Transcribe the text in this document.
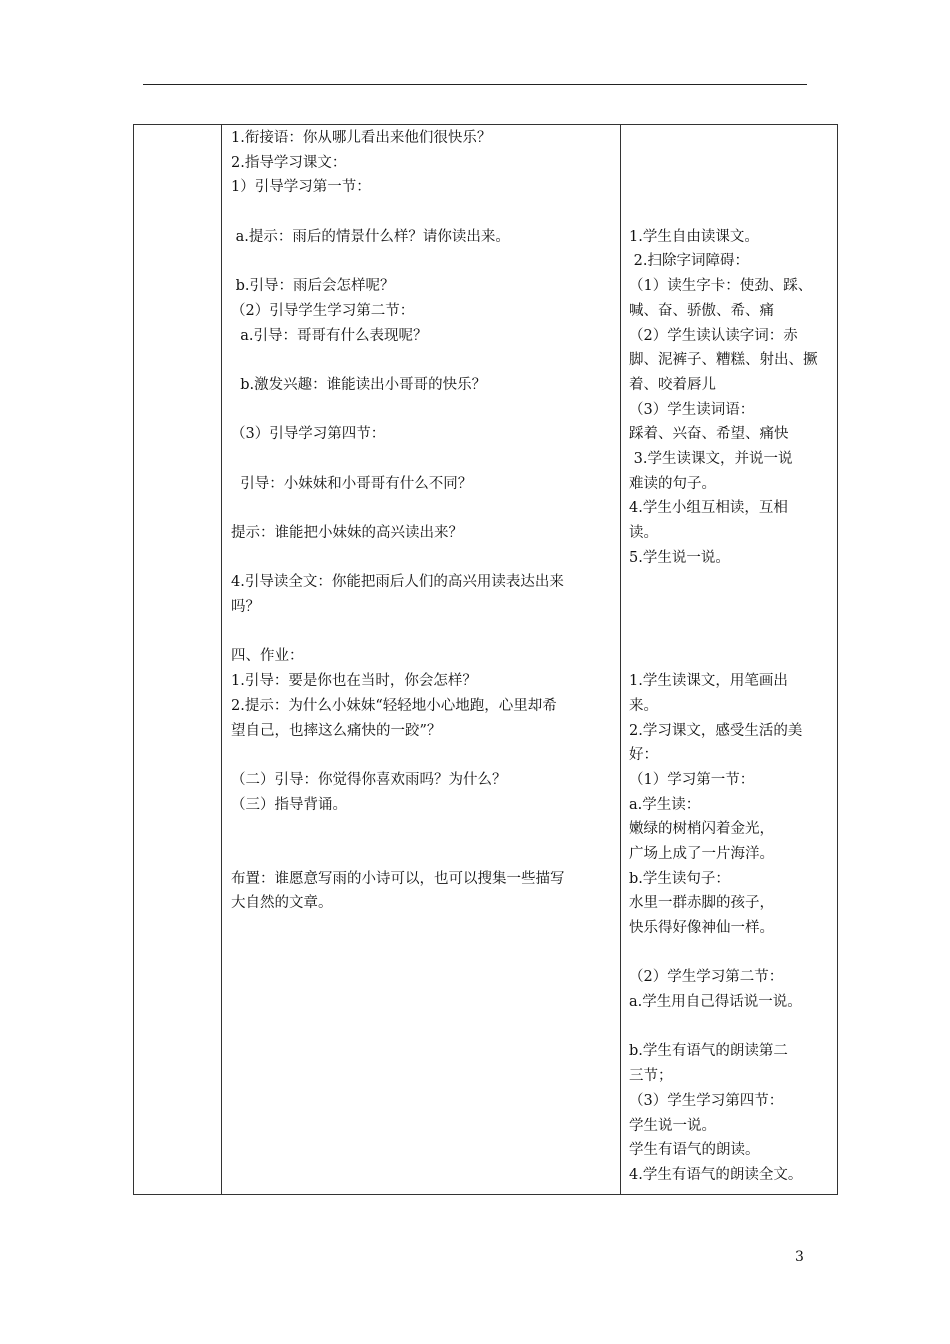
1.衔接语：你从哪儿看出来他们很快乐？
2.指导学习课文：
1）引导学习第一节：
a.提示：雨后的情景什么样？请你读出来。
b.引导：雨后会怎样呢？
（2）引导学生学习第二节：
a.引导：哥哥有什么表现呢？
b.激发兴趣：谁能读出小哥哥的快乐？
（3）引导学习第四节：
引导：小妹妹和小哥哥有什么不同？
提示：谁能把小妹妹的高兴读出来？
4.引导读全文：你能把雨后人们的高兴用读表达出来
吗？
四、作业：
1.引导：要是你也在当时，你会怎样？
2.提示：为什么小妹妹“轻轻地小心地跑，心里却希
望自己，也摔这么痛快的一跤”？
（二）引导：你觉得你喜欢雨吗？为什么？
（三）指导背诵。
布置：谁愿意写雨的小诗可以，也可以搜集一些描写
大自然的文章。

1.学生自由读课文。
2.扫除字词障碍：
（1）读生字卡：使劲、踩、
喊、奋、骄傲、希、痛
（2）学生读认读字词：赤
脚、泥裤子、糟糕、射出、撅
着、咬着唇儿
（3）学生读词语：
踩着、兴奋、希望、痛快
3.学生读课文，并说一说
难读的句子。
4.学生小组互相读，互相
读。
5.学生说一说。
1.学生读课文，用笔画出
来。
2.学习课文，感受生活的美
好：
（1）学习第一节：
a.学生读：
嫩绿的树梢闪着金光，
广场上成了一片海洋。
b.学生读句子：
水里一群赤脚的孩子，
快乐得好像神仙一样。
（2）学生学习第二节：
a.学生用自己得话说一说。
b.学生有语气的朗读第二
三节；
（3）学生学习第四节：
学生说一说。
学生有语气的朗读。
4.学生有语气的朗读全文。
3
